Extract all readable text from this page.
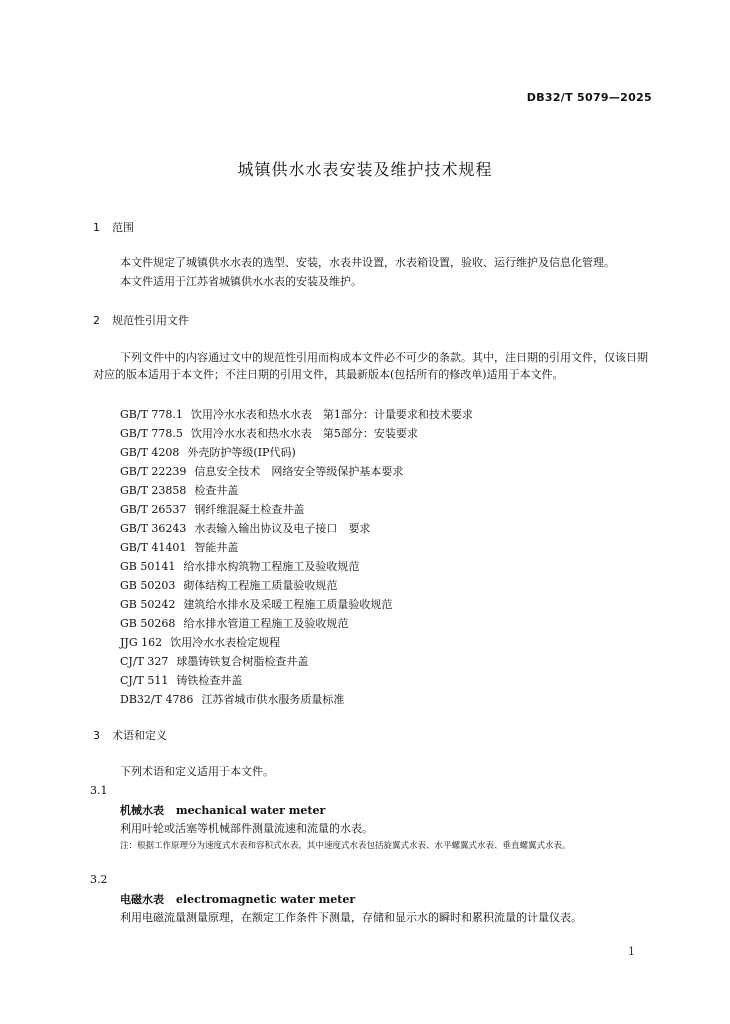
DB32/T 5079—2025
城镇供水水表安装及维护技术规程
1 范围
本文件规定了城镇供水水表的选型、安装，水表井设置，水表箱设置，验收、运行维护及信息化管理。
本文件适用于江苏省城镇供水水表的安装及维护。
2 规范性引用文件
下列文件中的内容通过文中的规范性引用而构成本文件必不可少的条款。其中，注日期的引用文件，仅该日期对应的版本适用于本文件；不注日期的引用文件，其最新版本(包括所有的修改单)适用于本文件。
GB/T 778.1 饮用冷水水表和热水水表　第1部分：计量要求和技术要求
GB/T 778.5 饮用冷水水表和热水水表　第5部分：安装要求
GB/T 4208 外壳防护等级(IP代码)
GB/T 22239 信息安全技术　网络安全等级保护基本要求
GB/T 23858 检查井盖
GB/T 26537 钢纤维混凝土检查井盖
GB/T 36243 水表输入输出协议及电子接口　要求
GB/T 41401 智能井盖
GB 50141 给水排水构筑物工程施工及验收规范
GB 50203 砌体结构工程施工质量验收规范
GB 50242 建筑给水排水及采暖工程施工质量验收规范
GB 50268 给水排水管道工程施工及验收规范
JJG 162 饮用冷水水表检定规程
CJ/T 327 球墨铸铁复合树脂检查井盖
CJ/T 511 铸铁检查井盖
DB32/T 4786 江苏省城市供水服务质量标准
3 术语和定义
下列术语和定义适用于本文件。
3.1
机械水表 mechanical water meter
利用叶轮或活塞等机械部件测量流速和流量的水表。
注：根据工作原理分为速度式水表和容积式水表，其中速度式水表包括旋翼式水表、水平螺翼式水表、垂直螺翼式水表。
3.2
电磁水表 electromagnetic water meter
利用电磁流量测量原理，在额定工作条件下测量，存储和显示水的瞬时和累积流量的计量仪表。
1
